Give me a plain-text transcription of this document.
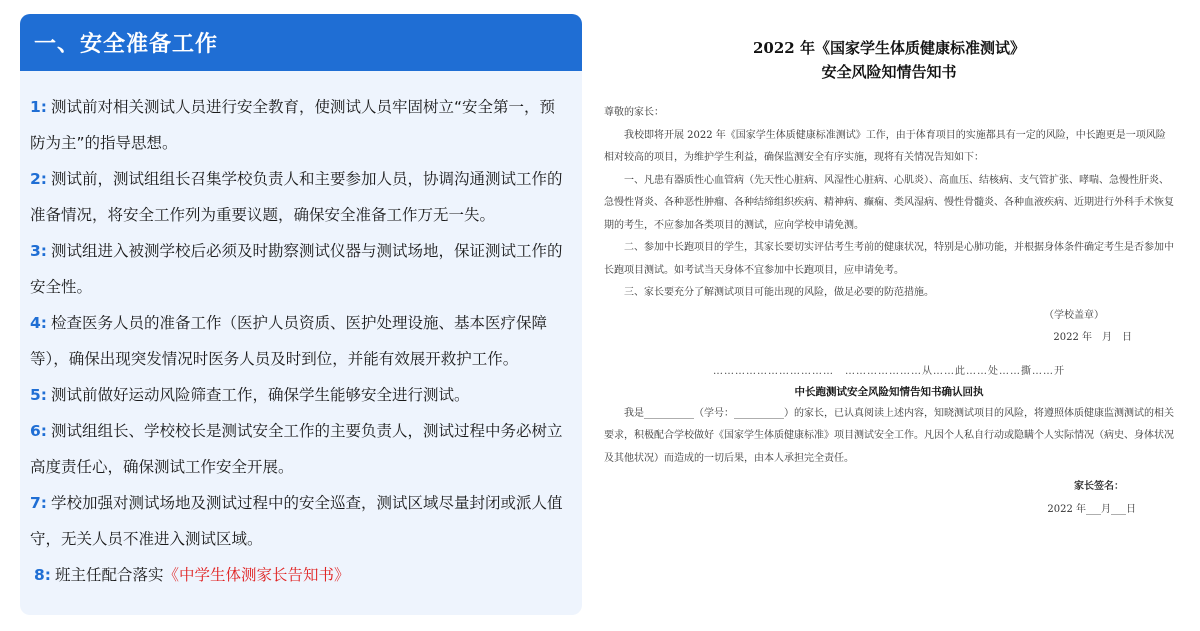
一、安全准备工作
1: 测试前对相关测试人员进行安全教育，使测试人员牢固树立“安全第一，预防为主”的指导思想。
2: 测试前，测试组组长召集学校负责人和主要参加人员，协调沟通测试工作的准备情况，将安全工作列为重要议题，确保安全准备工作万无一失。
3: 测试组进入被测学校后必须及时勘察测试仪器与测试场地，保证测试工作的安全性。
4: 检查医务人员的准备工作（医护人员资质、医护处理设施、基本医疗保障等），确保出现突发情况时医务人员及时到位，并能有效展开救护工作。
5: 测试前做好运动风险筛查工作，确保学生能够安全进行测试。
6: 测试组组长、学校校长是测试安全工作的主要负责人，测试过程中务必树立高度责任心，确保测试工作安全开展。
7: 学校加强对测试场地及测试过程中的安全巡查，测试区域尽量封闭或派人值守，无关人员不准进入测试区域。
8: 班主任配合落实《中学生体测家长告知书》
2022 年《国家学生体质健康标准测试》
安全风险知情告知书

尊敬的家长：

我校即将开展 2022 年《国家学生体质健康标准测试》工作，由于体育项目的实施都具有一定的风险，中长跑更是一项风险相对较高的项目，为维护学生利益，确保监测安全有序实施，现将有关情况告知如下：

一、凡患有器质性心血管病（先天性心脏病、风湿性心脏病、心肌炎）、高血压、结核病、支气管扩张、哮喘、急慢性肝炎、急慢性肾炎、各种恶性肿瘤、各种结缔组织疾病、精神病、癫痫、类风湿病、慢性骨髓炎、各种血液疾病、近期进行外科手术恢复期的考生，不应参加各类项目的测试，应向学校申请免测。

二、参加中长跑项目的学生，其家长要切实评估考生考前的健康状况，特别是心肺功能，并根据身体条件确定考生是否参加中长跑项目测试。如考试当天身体不宜参加中长跑项目，应申请免考。

三、家长要充分了解测试项目可能出现的风险，做足必要的防范措施。

（学校盖章）

2022 年　月　日

……………………………　…………………从……此……处……撕……开
中长跑测试安全风险知情告知书确认回执

我是__________（学号：__________）的家长，已认真阅读上述内容，知晓测试项目的风险，将遵照体质健康监测测试的相关要求，积极配合学校做好《国家学生体质健康标准》项目测试安全工作。凡因个人私自行动或隐瞒个人实际情况（病史、身体状况及其他状况）而造成的一切后果，由本人承担完全责任。

家长签名：

2022 年___月___日
